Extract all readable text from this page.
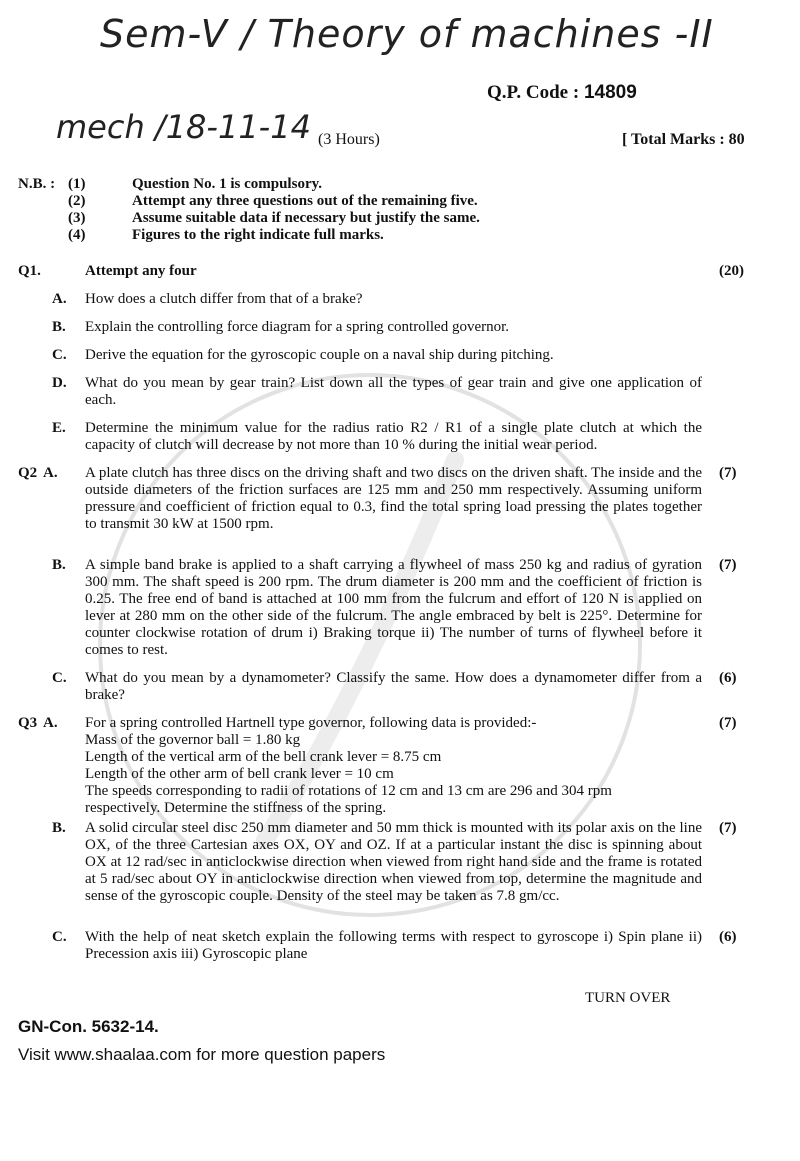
Sem-V / Theory of machines -II
Q.P. Code : 14809
mech /18-11-14 (3 Hours)	[ Total Marks : 80
N.B. : (1)	Question No. 1 is compulsory.
(2)	Attempt any three questions out of the remaining five.
(3)	Assume suitable data if necessary but justify the same.
(4)	Figures to the right indicate full marks.
Q1.	Attempt any four	(20)
A. How does a clutch differ from that of a brake?
B. Explain the controlling force diagram for a spring controlled governor.
C. Derive the equation for the gyroscopic couple on a naval ship during pitching.
D. What do you mean by gear train? List down all the types of gear train and give one application of each.
E. Determine the minimum value for the radius ratio R2 / R1 of a single plate clutch at which the capacity of clutch will decrease by not more than 10 % during the initial wear period.
Q2 A. A plate clutch has three discs on the driving shaft and two discs on the driven shaft. The inside and the outside diameters of the friction surfaces are 125 mm and 250 mm respectively. Assuming uniform pressure and coefficient of friction equal to 0.3, find the total spring load pressing the plates together to transmit 30 kW at 1500 rpm.
(7)
B. A simple band brake is applied to a shaft carrying a flywheel of mass 250 kg and radius of gyration 300 mm. The shaft speed is 200 rpm. The drum diameter is 200 mm and the coefficient of friction is 0.25. The free end of band is attached at 100 mm from the fulcrum and effort of 120 N is applied on lever at 280 mm on the other side of the fulcrum. The angle embraced by belt is 225°. Determine for counter clockwise rotation of drum i) Braking torque ii) The number of turns of flywheel before it comes to rest.
(7)
C. What do you mean by a dynamometer? Classify the same. How does a dynamometer differ from a brake?
(6)
Q3 A. For a spring controlled Hartnell type governor, following data is provided:-
Mass of the governor ball = 1.80 kg
Length of the vertical arm of the bell crank lever = 8.75 cm
Length of the other arm of bell crank lever = 10 cm
The speeds corresponding to radii of rotations of 12 cm and 13 cm are 296 and 304 rpm respectively. Determine the stiffness of the spring.
(7)
B. A solid circular steel disc 250 mm diameter and 50 mm thick is mounted with its polar axis on the line OX, of the three Cartesian axes OX, OY and OZ. If at a particular instant the disc is spinning about OX at 12 rad/sec in anticlockwise direction when viewed from right hand side and the frame is rotated at 5 rad/sec about OY in anticlockwise direction when viewed from top, determine the magnitude and sense of the gyroscopic couple. Density of the steel may be taken as 7.8 gm/cc.
(7)
C. With the help of neat sketch explain the following terms with respect to gyroscope i) Spin plane ii) Precession axis iii) Gyroscopic plane
(6)
TURN OVER
GN-Con. 5632-14.
Visit www.shaalaa.com for more question papers
